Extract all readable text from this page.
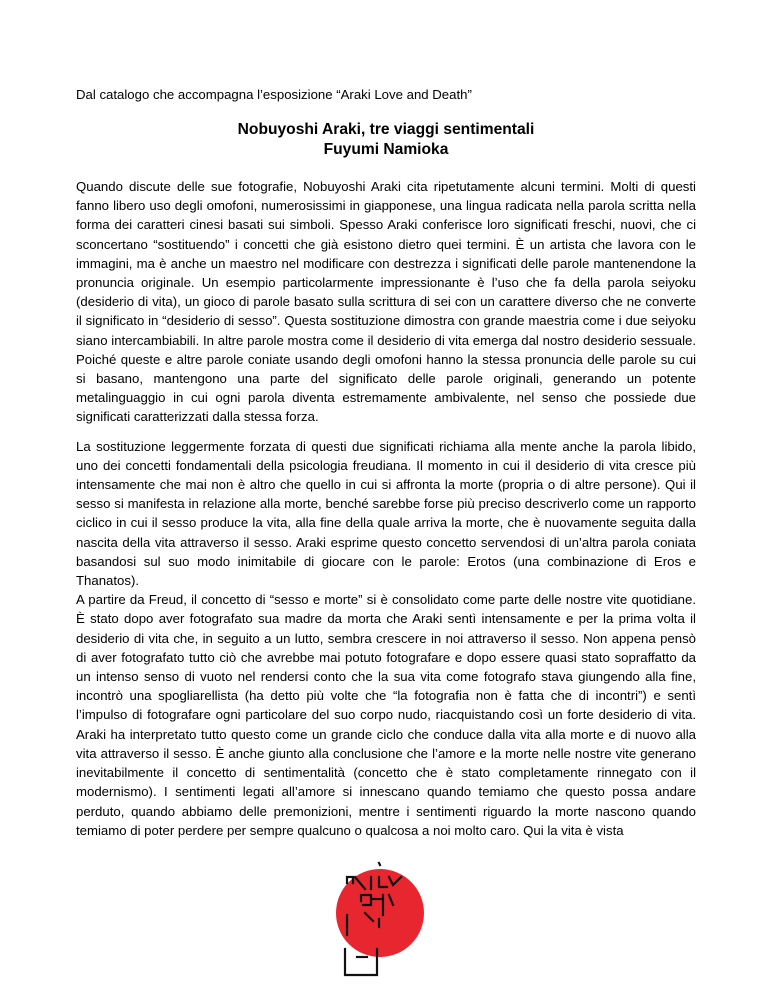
Dal catalogo che accompagna l’esposizione “Araki Love and Death”
Nobuyoshi Araki, tre viaggi sentimentali
Fuyumi Namioka

Quando discute delle sue fotografie, Nobuyoshi Araki cita ripetutamente alcuni termini. Molti di questi fanno libero uso degli omofoni, numerosissimi in giapponese, una lingua radicata nella parola scritta nella forma dei caratteri cinesi basati sui simboli. Spesso Araki conferisce loro significati freschi, nuovi, che ci sconcertano “sostituendo” i concetti che già esistono dietro quei termini. È un artista che lavora con le immagini, ma è anche un maestro nel modificare con destrezza i significati delle parole mantenendone la pronuncia originale. Un esempio particolarmente impressionante è l’uso che fa della parola seiyoku (desiderio di vita), un gioco di parole basato sulla scrittura di sei con un carattere diverso che ne converte il significato in “desiderio di sesso”. Questa sostituzione dimostra con grande maestria come i due seiyoku siano intercambiabili. In altre parole mostra come il desiderio di vita emerga dal nostro desiderio sessuale. Poiché queste e altre parole coniate usando degli omofoni hanno la stessa pronuncia delle parole su cui si basano, mantengono una parte del significato delle parole originali, generando un potente metalinguaggio in cui ogni parola diventa estremamente ambivalente, nel senso che possiede due significati caratterizzati dalla stessa forza.

La sostituzione leggermente forzata di questi due significati richiama alla mente anche la parola libido, uno dei concetti fondamentali della psicologia freudiana. Il momento in cui il desiderio di vita cresce più intensamente che mai non è altro che quello in cui si affronta la morte (propria o di altre persone). Qui il sesso si manifesta in relazione alla morte, benché sarebbe forse più preciso descriverlo come un rapporto ciclico in cui il sesso produce la vita, alla fine della quale arriva la morte, che è nuovamente seguita dalla nascita della vita attraverso il sesso. Araki esprime questo concetto servendosi di un’altra parola coniata basandosi sul suo modo inimitabile di giocare con le parole: Erotos (una combinazione di Eros e Thanatos).

A partire da Freud, il concetto di “sesso e morte” si è consolidato come parte delle nostre vite quotidiane. È stato dopo aver fotografato sua madre da morta che Araki sentì intensamente e per la prima volta il desiderio di vita che, in seguito a un lutto, sembra crescere in noi attraverso il sesso. Non appena pensò di aver fotografato tutto ciò che avrebbe mai potuto fotografare e dopo essere quasi stato sopraffatto da un intenso senso di vuoto nel rendersi conto che la sua vita come fotografo stava giungendo alla fine, incontrò una spogliarellista (ha detto più volte che “la fotografia non è fatta che di incontri”) e sentì l’impulso di fotografare ogni particolare del suo corpo nudo, riacquistando così un forte desiderio di vita. Araki ha interpretato tutto questo come un grande ciclo che conduce dalla vita alla morte e di nuovo alla vita attraverso il sesso. È anche giunto alla conclusione che l’amore e la morte nelle nostre vite generano inevitabilmente il concetto di sentimentalità (concetto che è stato completamente rinnegato con il modernismo). I sentimenti legati all’amore si innescano quando temiamo che questo possa andare perduto, quando abbiamo delle premonizioni, mentre i sentimenti riguardo la morte nascono quando temiamo di poter perdere per sempre qualcuno o qualcosa a noi molto caro. Qui la vita è vista
